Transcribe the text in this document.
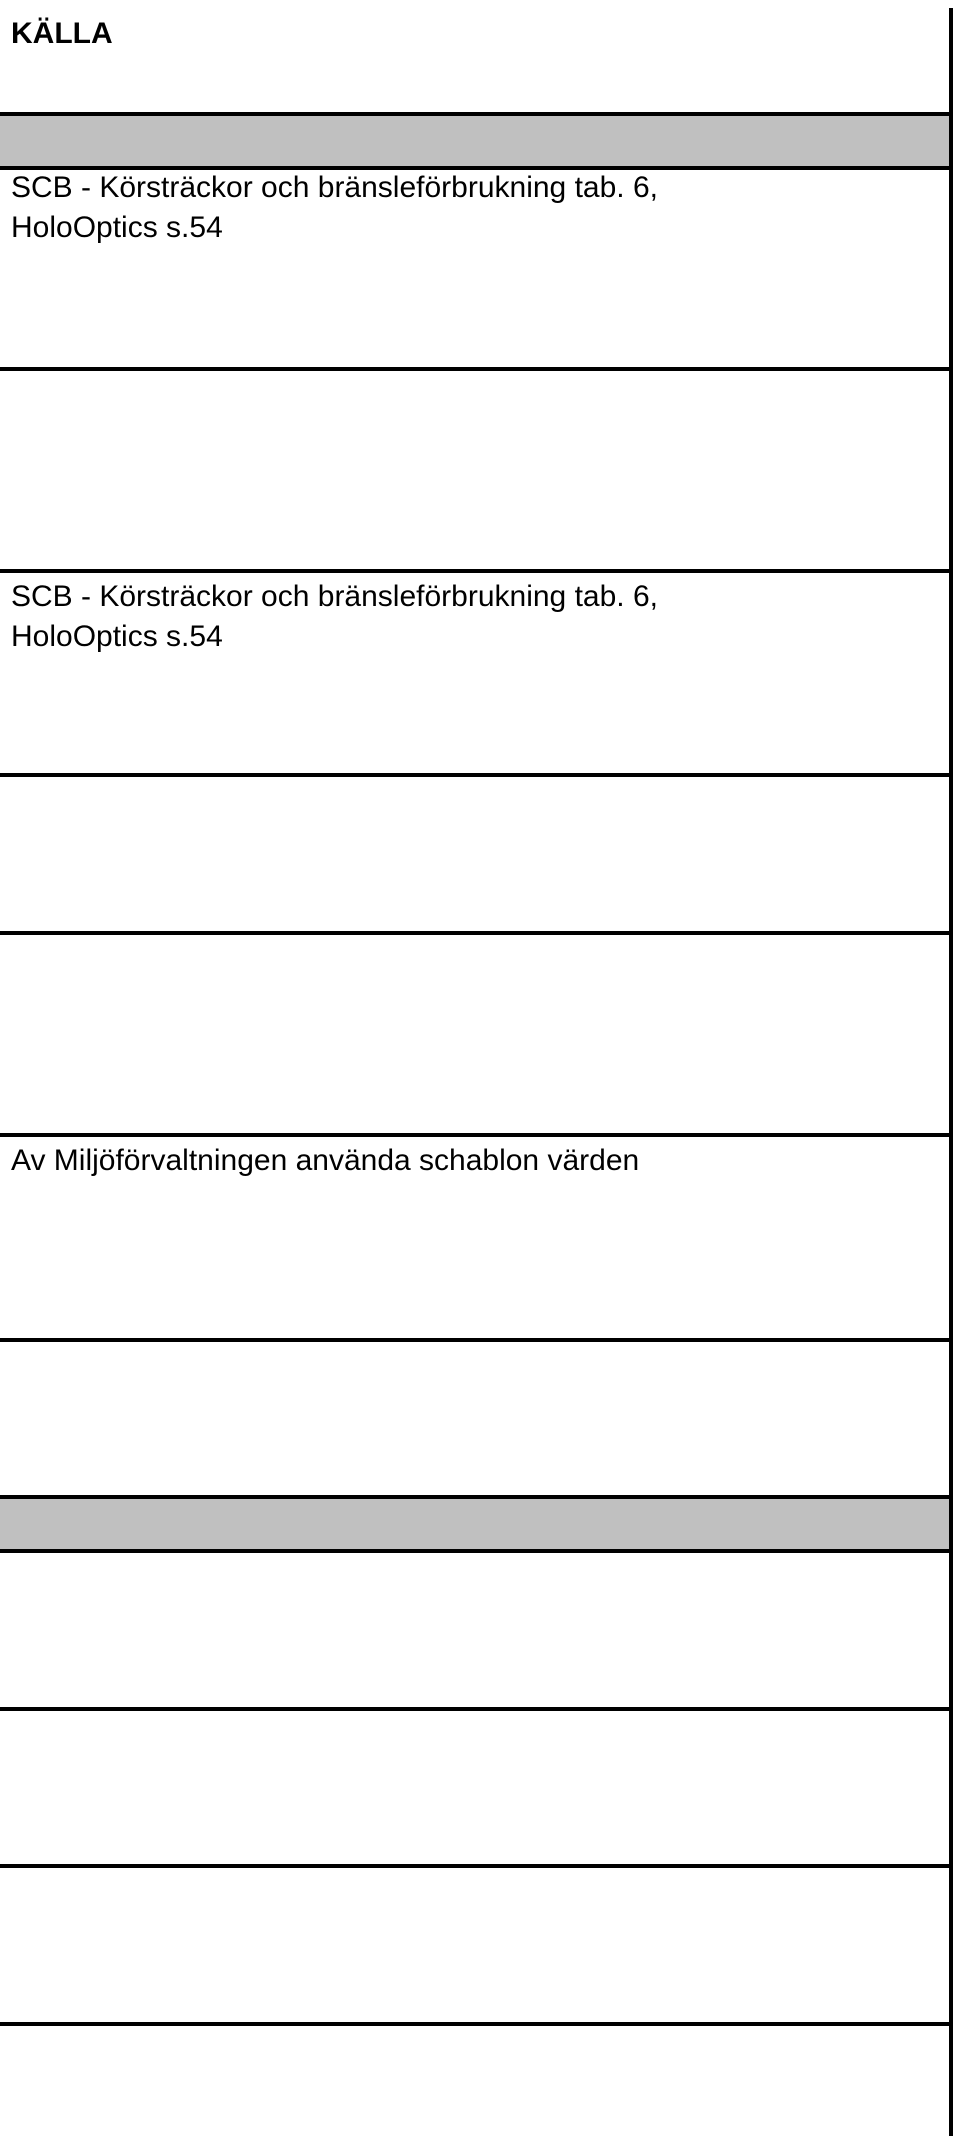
KÄLLA
SCB - Körsträckor och bränsleförbrukning tab. 6,
HoloOptics s.54
SCB - Körsträckor och bränsleförbrukning tab. 6,
HoloOptics s.54
Av Miljöförvaltningen använda schablon värden
